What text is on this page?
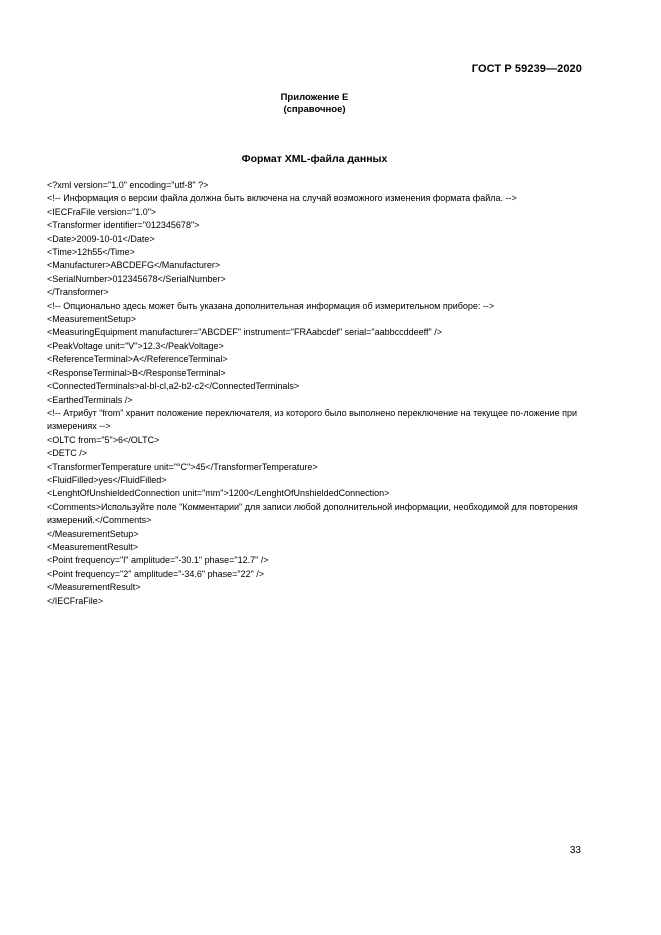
ГОСТ Р 59239—2020
Приложение Е
(справочное)
Формат XML-файла данных
<?xml version="1.0" encoding="utf-8" ?>
<!-- Информация о версии файла должна быть включена на случай возможного изменения формата файла. -->
<IECFraFile version="1.0">
<Transformer identifier="012345678">
<Date>2009-10-01</Date>
<Time>12h55</Time>
<Manufacturer>ABCDEFG</Manufacturer>
<SerialNumber>012345678</SerialNumber>
</Transformer>
<!-- Опционально здесь может быть указана дополнительная информация об измерительном приборе: -->
<MeasurementSetup>
<MeasuringEquipment manufacturer="ABCDEF" instrument="FRAabcdef" serial="aabbccddeeff" />
<PeakVoltage unit="V">12.3</PeakVoltage>
<ReferenceTerminal>A</ReferenceTerminal>
<ResponseTerminal>B</ResponseTerminal>
<ConnectedTerminals>al-bl-cl,a2-b2-c2</ConnectedTerminals>
<EarthedTerminals />
<!-- Атрибут “from” хранит положение переключателя, из которого было выполнено переключение на текущее по-ложение при измерениях -->
<OLTC from="5">6</OLTC>
<DETC />
<TransformerTemperature unit="°C">45</TransformerTemperature>
<FluidFilled>yes</FluidFilled>
<LenghtOfUnshieldedConnection unit="mm">1200</LenghtOfUnshieldedConnection>
<Comments>Используйте поле "Комментарии" для записи любой дополнительной информации, необходимой для повторения измерений.</Comments>
</MeasurementSetup>
<MeasurementResult>
<Point frequency="l" amplitude="-30.1" phase="12.7" />
<Point frequency="2" amplitude="-34.6" phase="22" />
</MeasurementResult>
</IECFraFile>
33
